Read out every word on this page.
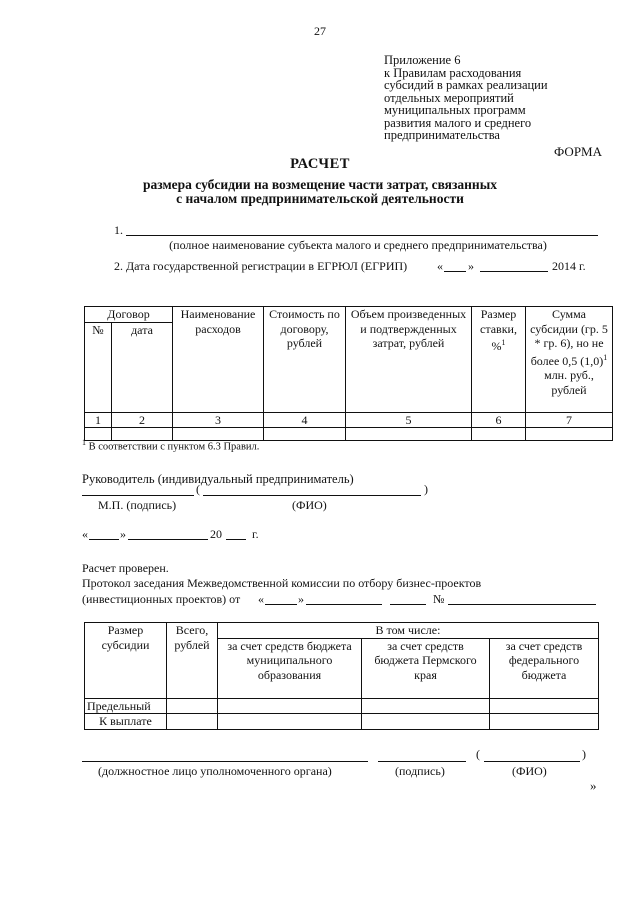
27
Приложение 6
к Правилам расходования
субсидий в рамках реализации
отдельных мероприятий
муниципальных программ
развития малого и среднего
предпринимательства
ФОРМА
РАСЧЕТ
размера субсидии на возмещение части затрат, связанных
с началом предпринимательской деятельности
1.
(полное наименование субъекта малого и среднего предпринимательства)
2. Дата государственной регистрации в ЕГРЮЛ (ЕГРИП) « »	2014 г.
Договор		Наименование расходов	Стоимость по договору, рублей	Объем произведенных и подтвержденных затрат, рублей	Размер ставки, %$^1$	Сумма субсидии (гр. 5 * гр. 6), но не более 0,5 $(1,0)^1$ млн. руб., рублей
№	дата					
1	2	3	4	5	6	7

$^1$ В соответствии с пунктом 6.3 Правил.
Руководитель (индивидуальный предприниматель)
(	)
М.П. (подпись)	(ФИО)
«	»	20	г.
Расчет проверен.
Протокол заседания Межведомственной комиссии по отбору бизнес-проектов
(инвестиционных проектов) от «	»	№
Размер субсидии	Всего, рублей	В том числе:		
		за счет средств бюджета муниципального образования	за счет средств бюджета Пермского края	за счет средств федерального бюджета
Предельный				
К выплате				
(	)
(должностное лицо уполномоченного органа)	(подпись)	(ФИО)
»
